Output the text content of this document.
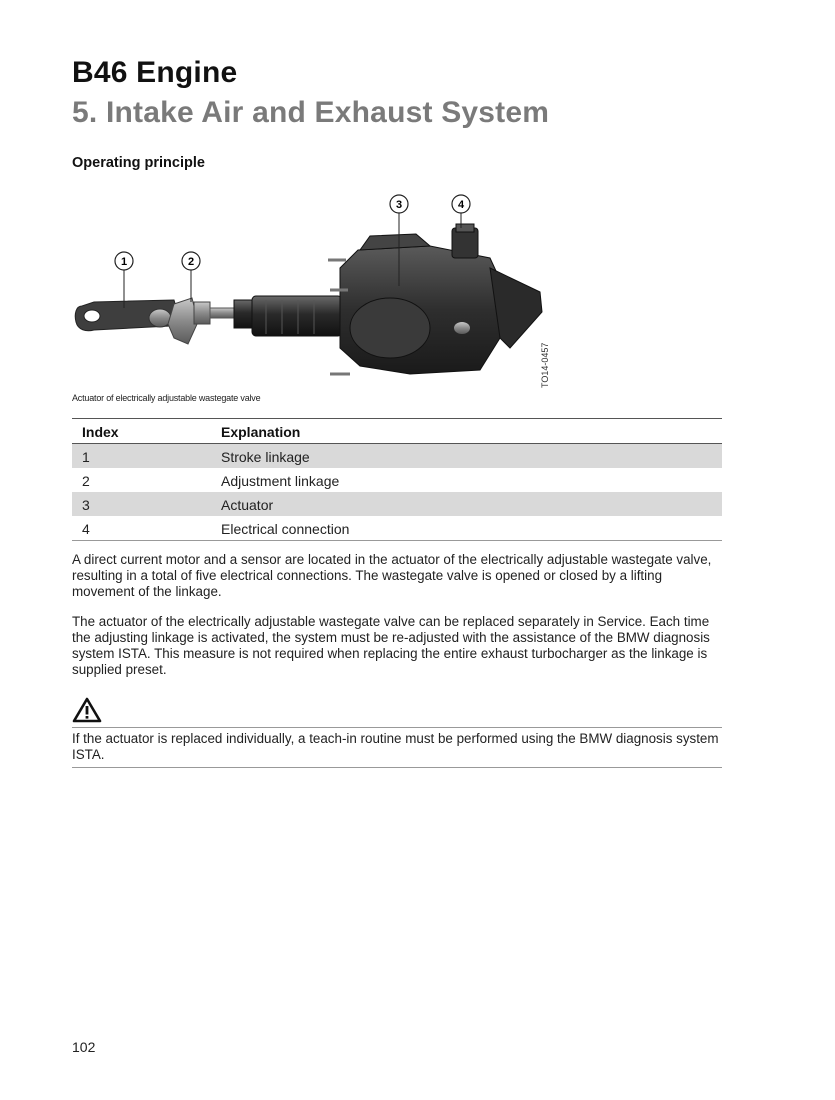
B46 Engine
5. Intake Air and Exhaust System
Operating principle
1	2
3	4
TO14-0457
Actuator of electrically adjustable wastegate valve
Index	Explanation
1	Stroke linkage
2	Adjustment linkage
3	Actuator
4	Electrical connection

A direct current motor and a sensor are located in the actuator of the electrically adjustable wastegate valve, resulting in a total of five electrical connections. The wastegate valve is opened or closed by a lifting movement of the linkage.

The actuator of the electrically adjustable wastegate valve can be replaced separately in Service. Each time the adjusting linkage is activated, the system must be re-adjusted with the assistance of the BMW diagnosis system ISTA. This measure is not required when replacing the entire exhaust turbocharger as the linkage is supplied preset.

If the actuator is replaced individually, a teach-in routine must be performed using the BMW diagnosis system ISTA.

102
